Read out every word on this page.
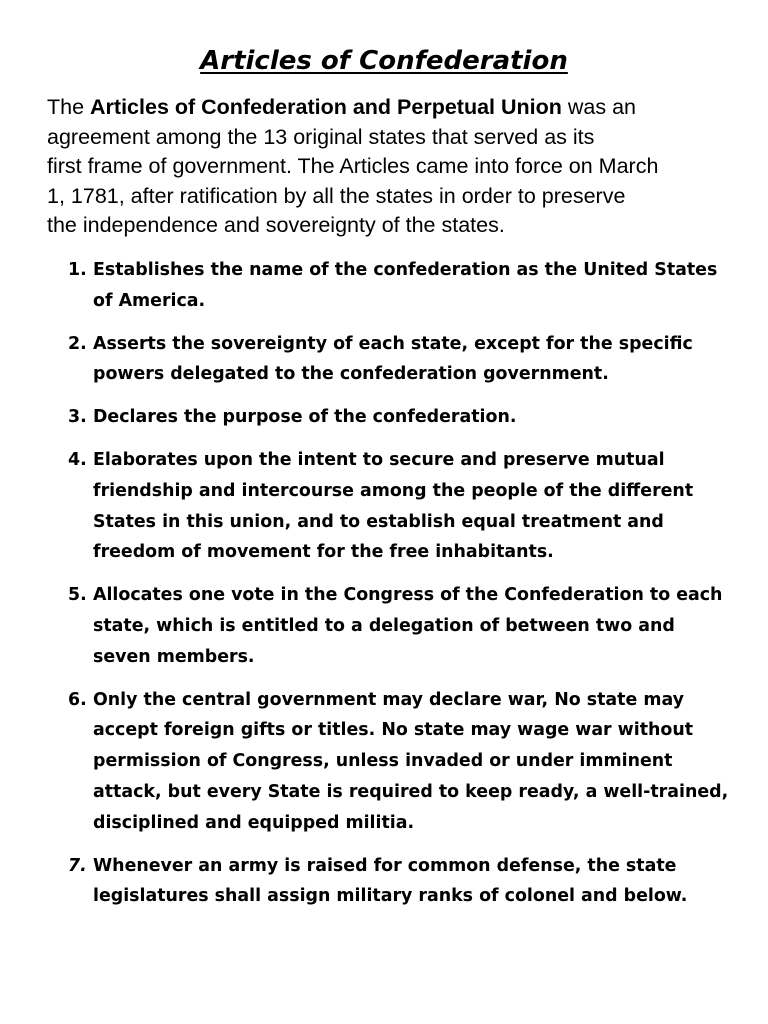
Articles of Confederation

The Articles of Confederation and Perpetual Union was an
agreement among the 13 original states that served as its
first frame of government. The Articles came into force on March
1, 1781, after ratification by all the states in order to preserve
the independence and sovereignty of the states.

1. Establishes the name of the confederation as the United States
of America.
2. Asserts the sovereignty of each state, except for the specific
powers delegated to the confederation government.
3. Declares the purpose of the confederation.
4. Elaborates upon the intent to secure and preserve mutual
friendship and intercourse among the people of the different
States in this union, and to establish equal treatment and
freedom of movement for the free inhabitants.
5. Allocates one vote in the Congress of the Confederation to each
state, which is entitled to a delegation of between two and
seven members.
6. Only the central government may declare war, No state may
accept foreign gifts or titles. No state may wage war without
permission of Congress, unless invaded or under imminent
attack, but every State is required to keep ready, a well-trained,
disciplined and equipped militia.
7. Whenever an army is raised for common defense, the state
legislatures shall assign military ranks of colonel and below.
